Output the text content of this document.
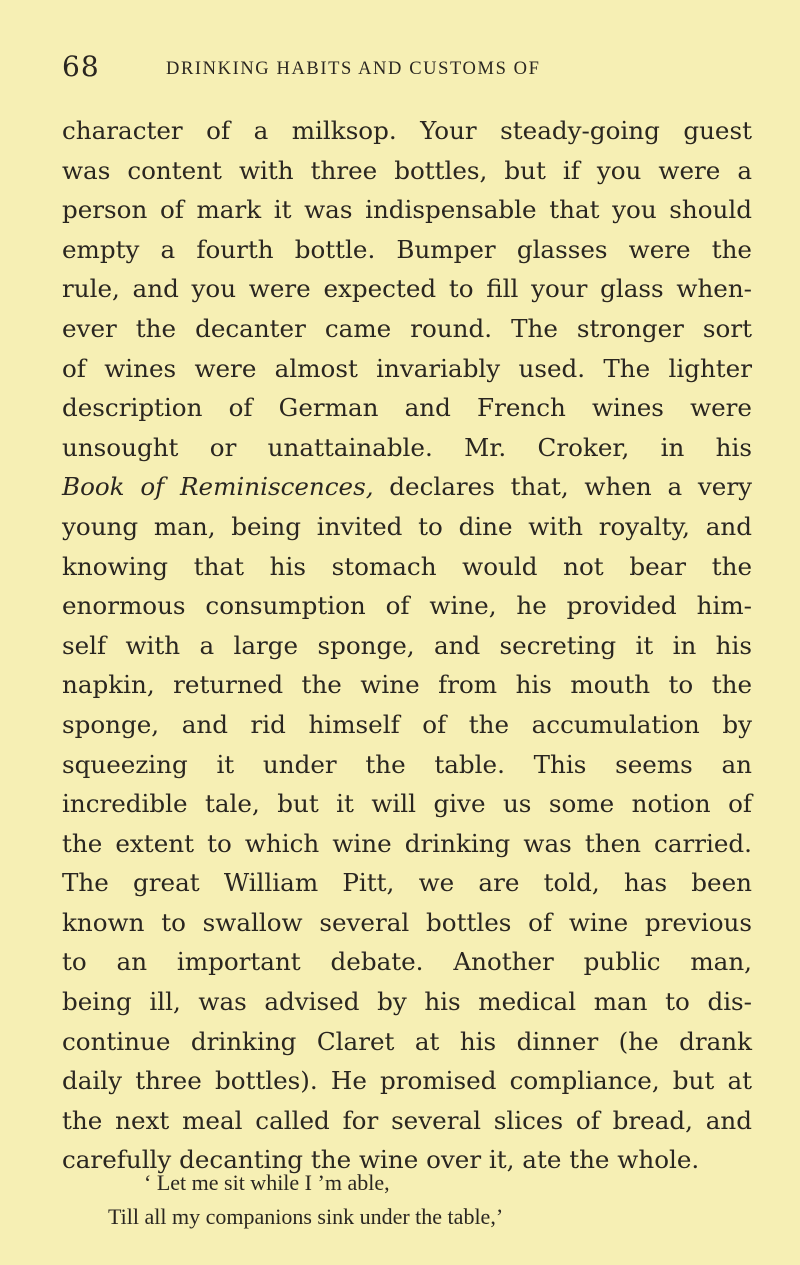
68	DRINKING HABITS AND CUSTOMS OF
character of a milksop. Your steady-going guest
was content with three bottles, but if you were a
person of mark it was indispensable that you should
empty a fourth bottle. Bumper glasses were the
rule, and you were expected to fill your glass when-
ever the decanter came round. The stronger sort
of wines were almost invariably used. The lighter
description of German and French wines were
unsought or unattainable. Mr. Croker, in his
Book of Reminiscences, declares that, when a very
young man, being invited to dine with royalty, and
knowing that his stomach would not bear the
enormous consumption of wine, he provided him-
self with a large sponge, and secreting it in his
napkin, returned the wine from his mouth to the
sponge, and rid himself of the accumulation by
squeezing it under the table. This seems an
incredible tale, but it will give us some notion of
the extent to which wine drinking was then carried.
The great William Pitt, we are told, has been
known to swallow several bottles of wine previous
to an important debate. Another public man,
being ill, was advised by his medical man to dis-
continue drinking Claret at his dinner (he drank
daily three bottles). He promised compliance, but at
the next meal called for several slices of bread, and
carefully decanting the wine over it, ate the whole.
‘ Let me sit while I ’m able,
Till all my companions sink under the table,’
